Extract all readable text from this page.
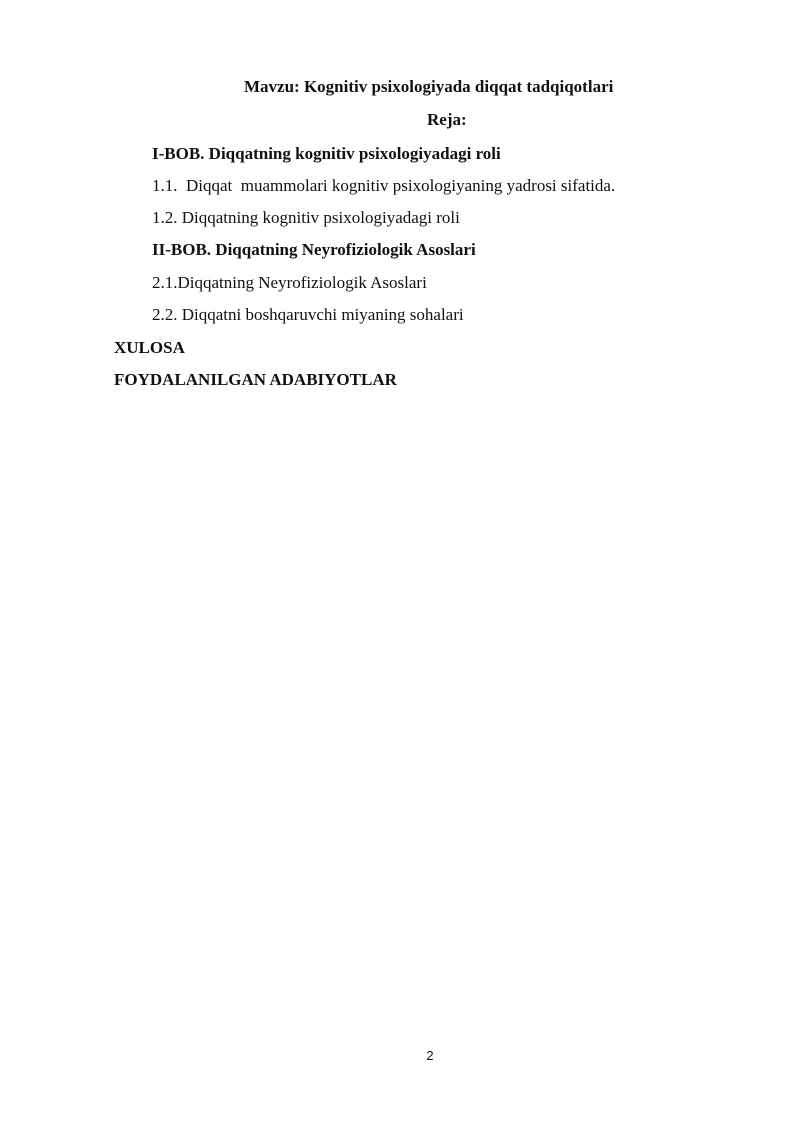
Mavzu: Kognitiv psixologiyada diqqat tadqiqotlari
Reja:
I-BOB. Diqqatning kognitiv psixologiyadagi roli
1.1.  Diqqat  muammolari kognitiv psixologiyaning yadrosi sifatida.
1.2. Diqqatning kognitiv psixologiyadagi roli
II-BOB. Diqqatning Neyrofiziologik Asoslari
2.1.Diqqatning Neyrofiziologik Asoslari
2.2. Diqqatni boshqaruvchi miyaning sohalari
XULOSA
FOYDALANILGAN ADABIYOTLAR
2
